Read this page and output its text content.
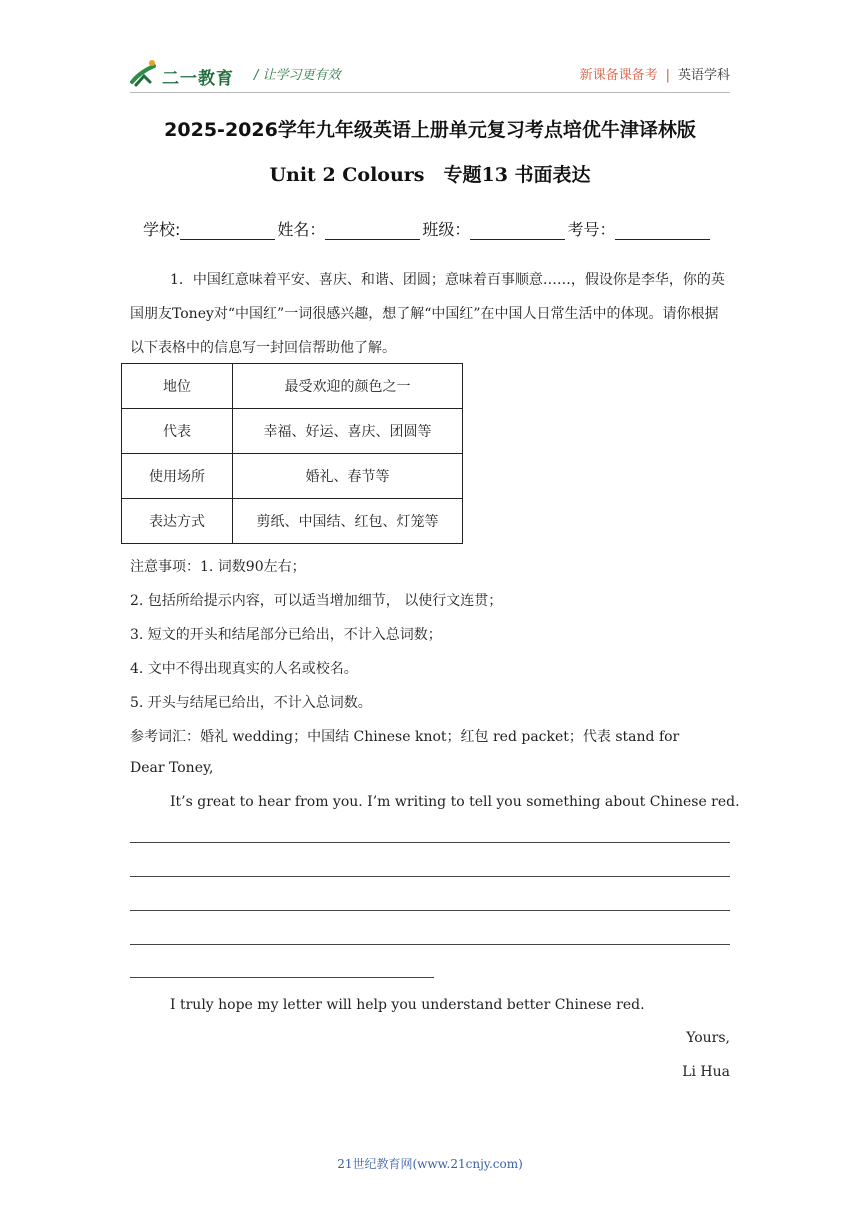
二一教育 / 让学习更有效	新课备课备考 | 英语学科
2025-2026学年九年级英语上册单元复习考点培优牛津译林版
Unit 2 Colours　专题13 书面表达
学校:	姓名：	班级：	考号：
1．中国红意味着平安、喜庆、和谐、团圆；意味着百事顺意……，假设你是李华，你的英国朋友Toney对“中国红”一词很感兴趣，想了解“中国红”在中国人日常生活中的体现。请你根据以下表格中的信息写一封回信帮助他了解。
地位	最受欢迎的颜色之一
代表	幸福、好运、喜庆、团圆等
使用场所	婚礼、春节等
表达方式	剪纸、中国结、红包、灯笼等
注意事项：1. 词数90左右；
2. 包括所给提示内容，可以适当增加细节， 以使行文连贯；
3. 短文的开头和结尾部分已给出，不计入总词数；
4. 文中不得出现真实的人名或校名。
5. 开头与结尾已给出，不计入总词数。
参考词汇：婚礼 wedding；中国结 Chinese knot；红包 red packet；代表 stand for
Dear Toney,
It’s great to hear from you. I’m writing to tell you something about Chinese red.
I truly hope my letter will help you understand better Chinese red.
Yours,
Li Hua
21世纪教育网(www.21cnjy.com)
